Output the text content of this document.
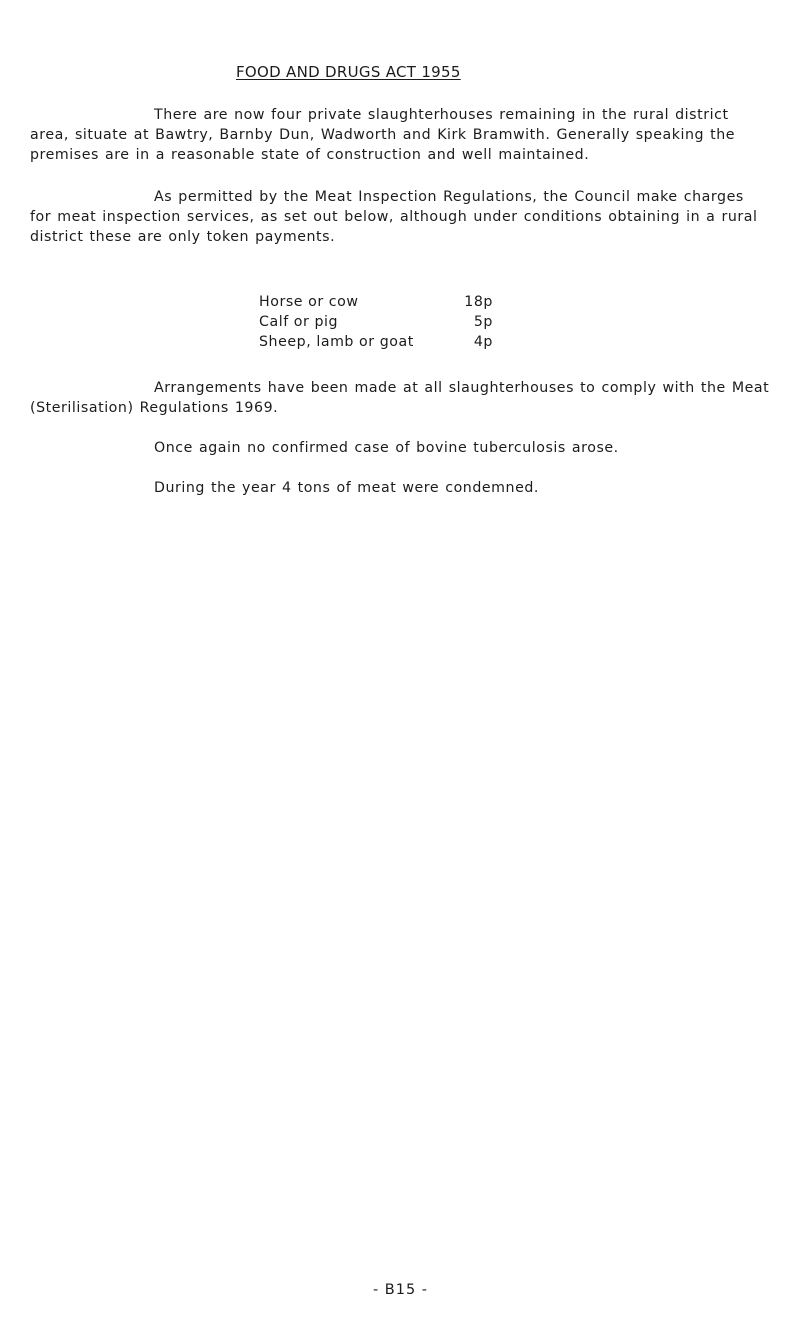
FOOD AND DRUGS ACT 1955
There are now four private slaughterhouses remaining in the rural district area, situate at Bawtry, Barnby Dun, Wadworth and Kirk Bramwith. Generally speaking the premises are in a reasonable state of construction and well maintained.
As permitted by the Meat Inspection Regulations, the Council make charges for meat inspection services, as set out below, although under conditions obtaining in a rural district these are only token payments.
Horse or cow	18p
Calf or pig	5p
Sheep, lamb or goat	4p
Arrangements have been made at all slaughterhouses to comply with the Meat (Sterilisation) Regulations 1969.
Once again no confirmed case of bovine tuberculosis arose.
During the year 4 tons of meat were condemned.
- B15 -
